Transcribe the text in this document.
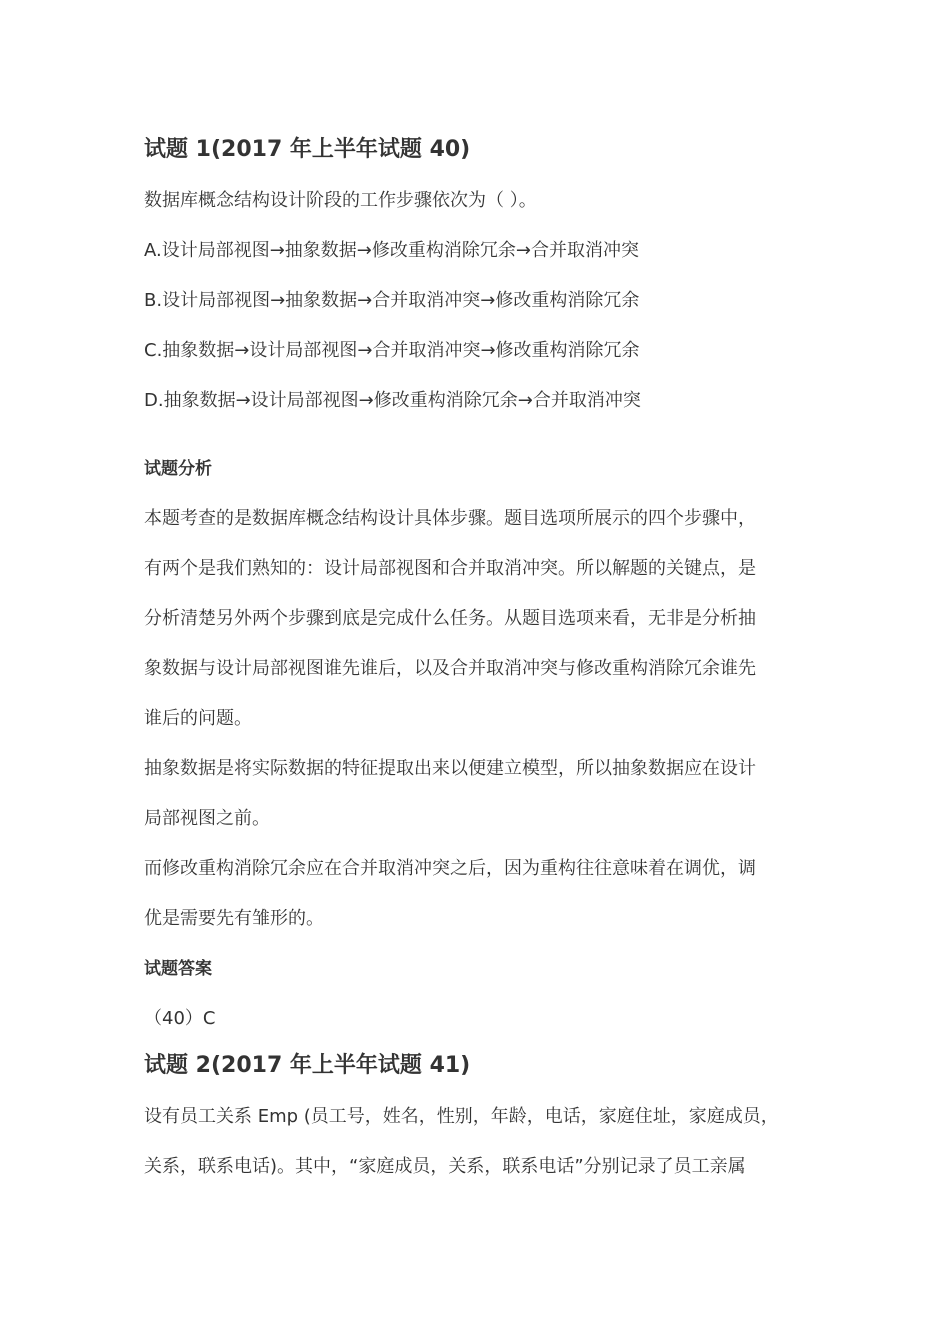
试题 1(2017 年上半年试题 40)

数据库概念结构设计阶段的工作步骤依次为（ ）。

A.设计局部视图→抽象数据→修改重构消除冗余→合并取消冲突

B.设计局部视图→抽象数据→合并取消冲突→修改重构消除冗余

C.抽象数据→设计局部视图→合并取消冲突→修改重构消除冗余

D.抽象数据→设计局部视图→修改重构消除冗余→合并取消冲突

试题分析

本题考查的是数据库概念结构设计具体步骤。题目选项所展示的四个步骤中，

有两个是我们熟知的：设计局部视图和合并取消冲突。所以解题的关键点，是

分析清楚另外两个步骤到底是完成什么任务。从题目选项来看，无非是分析抽

象数据与设计局部视图谁先谁后，以及合并取消冲突与修改重构消除冗余谁先

谁后的问题。

抽象数据是将实际数据的特征提取出来以便建立模型，所以抽象数据应在设计

局部视图之前。

而修改重构消除冗余应在合并取消冲突之后，因为重构往往意味着在调优，调

优是需要先有雏形的。

试题答案

（40）C

试题 2(2017 年上半年试题 41)

设有员工关系 Emp (员工号，姓名，性别，年龄，电话，家庭住址，家庭成员，

关系，联系电话)。其中，“家庭成员，关系，联系电话”分别记录了员工亲属
